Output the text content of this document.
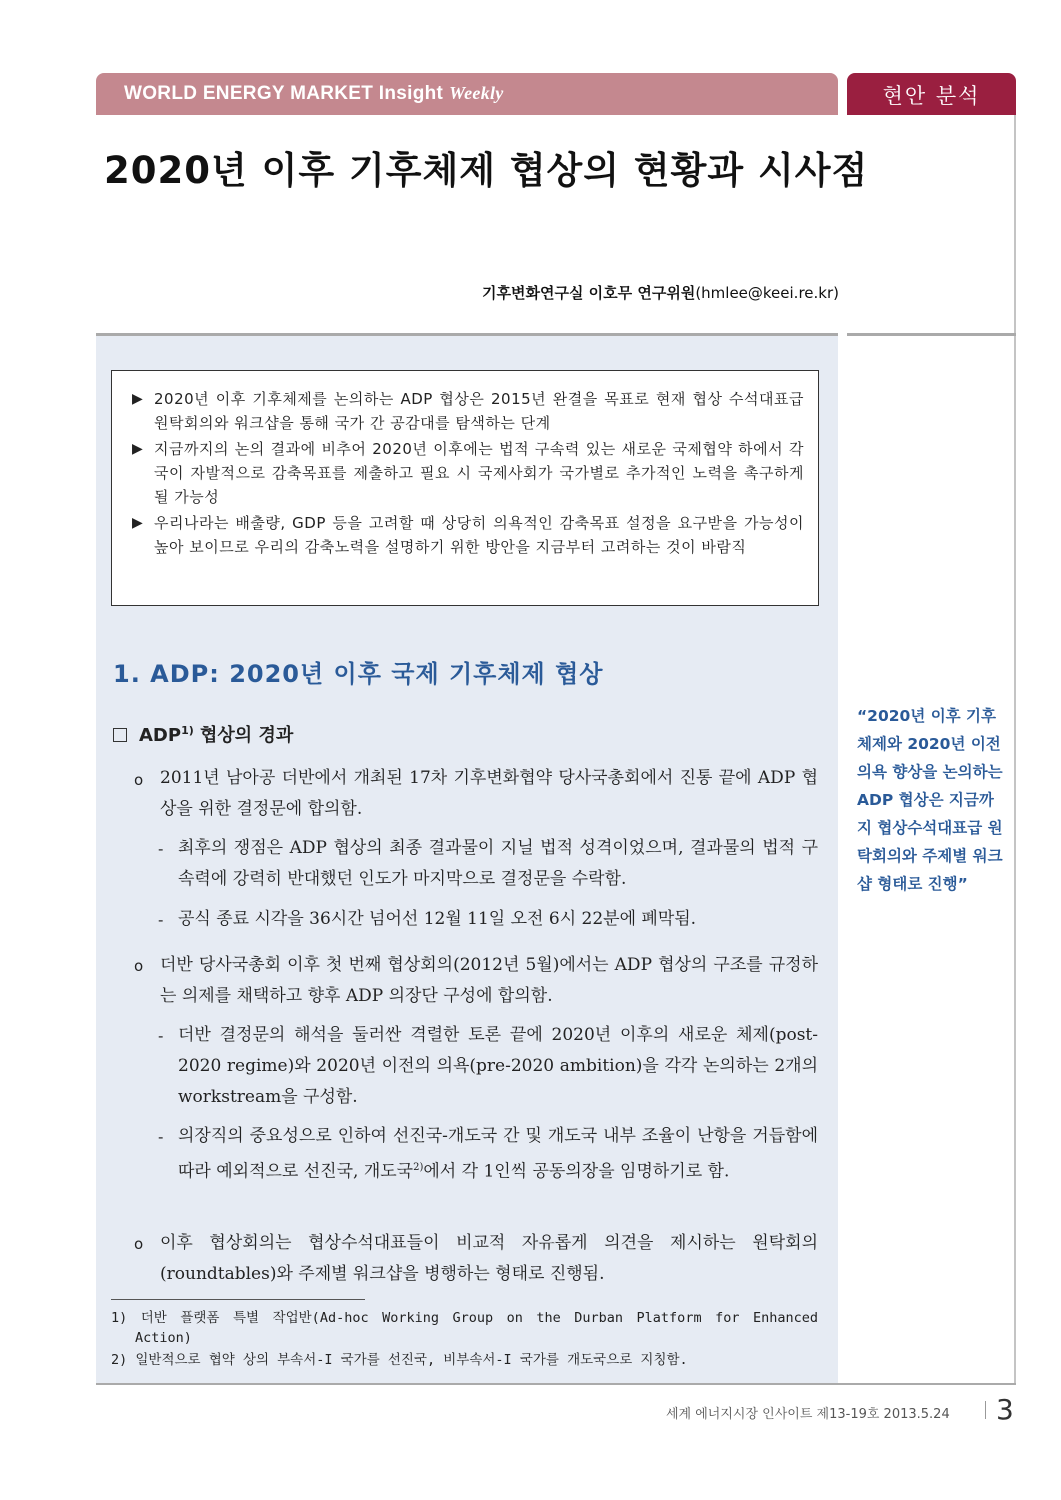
WORLD ENERGY MARKET Insight Weekly	현안 분석
2020년 이후 기후체제 협상의 현황과 시사점
기후변화연구실 이호무 연구위원(hmlee@keei.re.kr)
▶ 2020년 이후 기후체제를 논의하는 ADP 협상은 2015년 완결을 목표로 현재 협상 수석대표급 원탁회의와 워크샵을 통해 국가 간 공감대를 탐색하는 단계
▶ 지금까지의 논의 결과에 비추어 2020년 이후에는 법적 구속력 있는 새로운 국제협약 하에서 각국이 자발적으로 감축목표를 제출하고 필요 시 국제사회가 국가별로 추가적인 노력을 촉구하게 될 가능성
▶ 우리나라는 배출량, GDP 등을 고려할 때 상당히 의욕적인 감축목표 설정을 요구받을 가능성이 높아 보이므로 우리의 감축노력을 설명하기 위한 방안을 지금부터 고려하는 것이 바람직
1. ADP: 2020년 이후 국제 기후체제 협상
ADP$^{1)}$ 협상의 경과
o 2011년 남아공 더반에서 개최된 17차 기후변화협약 당사국총회에서 진통 끝에 ADP 협상을 위한 결정문에 합의함.
- 최후의 쟁점은 ADP 협상의 최종 결과물이 지닐 법적 성격이었으며, 결과물의 법적 구속력에 강력히 반대했던 인도가 마지막으로 결정문을 수락함.
- 공식 종료 시각을 36시간 넘어선 12월 11일 오전 6시 22분에 폐막됨.
o 더반 당사국총회 이후 첫 번째 협상회의(2012년 5월)에서는 ADP 협상의 구조를 규정하는 의제를 채택하고 향후 ADP 의장단 구성에 합의함.
- 더반 결정문의 해석을 둘러싼 격렬한 토론 끝에 2020년 이후의 새로운 체제(post-2020 regime)와 2020년 이전의 의욕(pre-2020 ambition)을 각각 논의하는 2개의 workstream을 구성함.
- 의장직의 중요성으로 인하여 선진국-개도국 간 및 개도국 내부 조율이 난항을 거듭함에 따라 예외적으로 선진국, 개도국$^{2)}$에서 각 1인씩 공동의장을 임명하기로 함.
o 이후 협상회의는 협상수석대표들이 비교적 자유롭게 의견을 제시하는 원탁회의(roundtables)와 주제별 워크샵을 병행하는 형태로 진행됨.
1) 더반 플랫폼 특별 작업반(Ad-hoc Working Group on the Durban Platform for Enhanced Action)
2) 일반적으로 협약 상의 부속서-I 국가를 선진국, 비부속서-I 국가를 개도국으로 지칭함.
“2020년 이후 기후체제와 2020년 이전 의욕 향상을 논의하는 ADP 협상은 지금까지 협상수석대표급 원탁회의와 주제별 워크샵 형태로 진행”
세계 에너지시장 인사이트 제13-19호 2013.5.24 3
